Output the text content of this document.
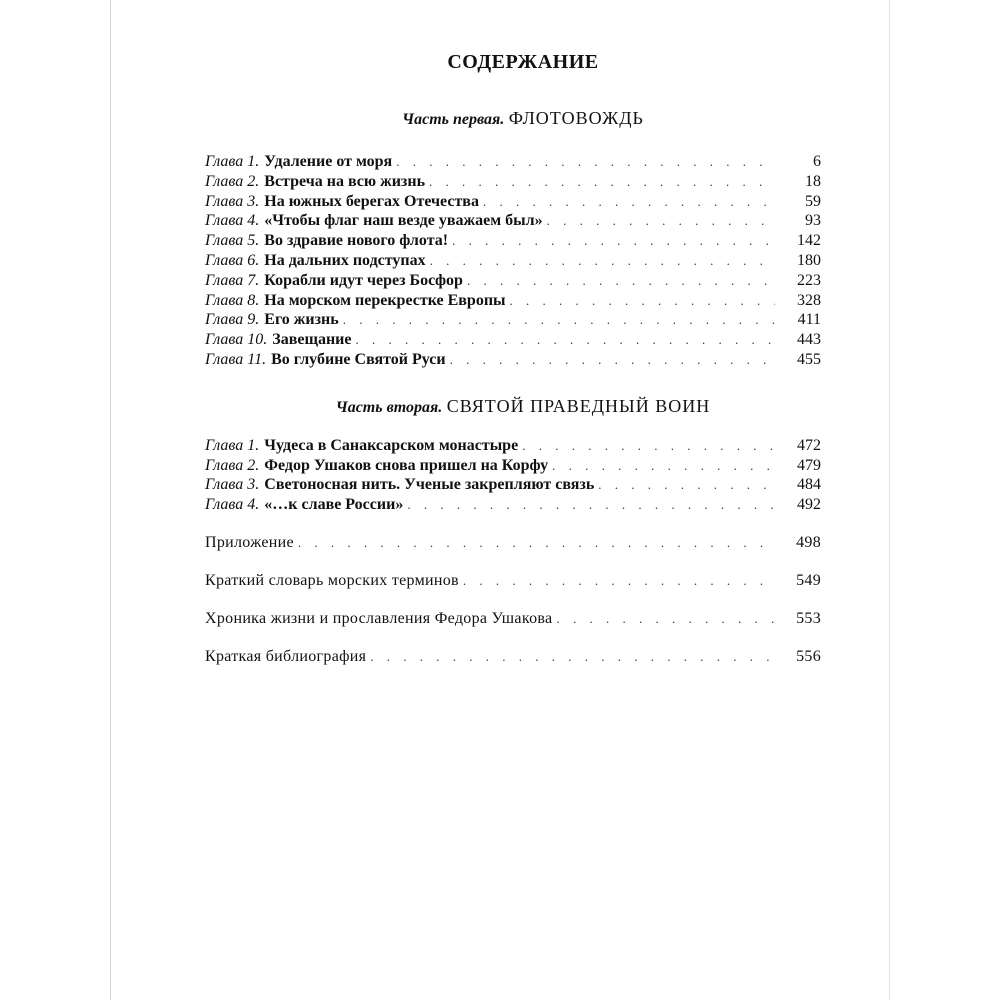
СОДЕРЖАНИЕ
Часть первая. ФЛОТОВОЖДЬ
Глава 1. Удаление от моря . . .	6
Глава 2. Встреча на всю жизнь . . .	18
Глава 3. На южных берегах Отечества . . .	59
Глава 4. «Чтобы флаг наш везде уважаем был» . . .	93
Глава 5. Во здравие нового флота! . . .	142
Глава 6. На дальних подступах . . .	180
Глава 7. Корабли идут через Босфор . . .	223
Глава 8. На морском перекрестке Европы . . .	328
Глава 9. Его жизнь . . .	411
Глава 10. Завещание . . .	443
Глава 11. Во глубине Святой Руси . . .	455
Часть вторая. СВЯТОЙ ПРАВЕДНЫЙ ВОИН
Глава 1. Чудеса в Санаксарском монастыре . . .	472
Глава 2. Федор Ушаков снова пришел на Корфу . . .	479
Глава 3. Светоносная нить. Ученые закрепляют связь . . .	484
Глава 4. «…к славе России» . . .	492
Приложение . . .	498
Краткий словарь морских терминов . . .	549
Хроника жизни и прославления Федора Ушакова . . .	553
Краткая библиография . . .	556
